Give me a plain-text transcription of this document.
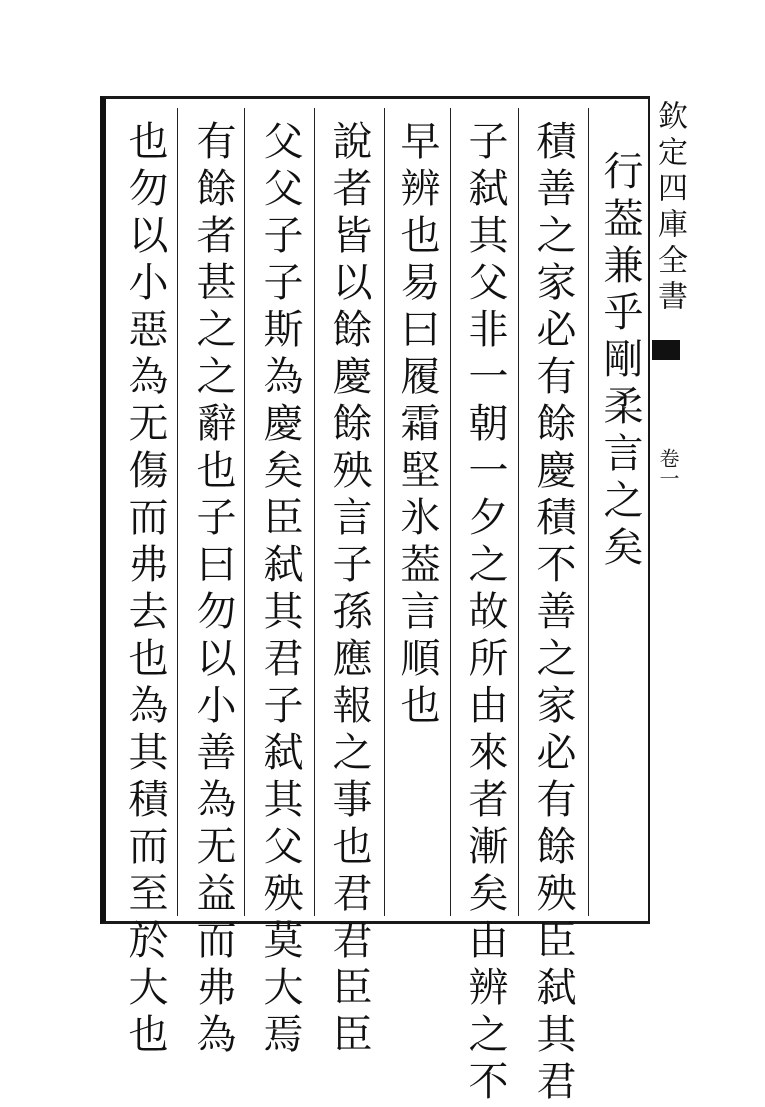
行葢兼乎剛柔言之矣
積善之家必有餘慶積不善之家必有餘殃臣弑其君
子弑其父非一朝一夕之故所由來者漸矣由辨之不
早辨也易曰履霜堅氷葢言順也
說者皆以餘慶餘殃言子孫應報之事也君君臣臣
父父子子斯為慶矣臣弑其君子弑其父殃莫大焉
有餘者甚之之辭也子曰勿以小善為无益而弗為
也勿以小惡為无傷而弗去也為其積而至於大也	欽定四庫全書
卷一
